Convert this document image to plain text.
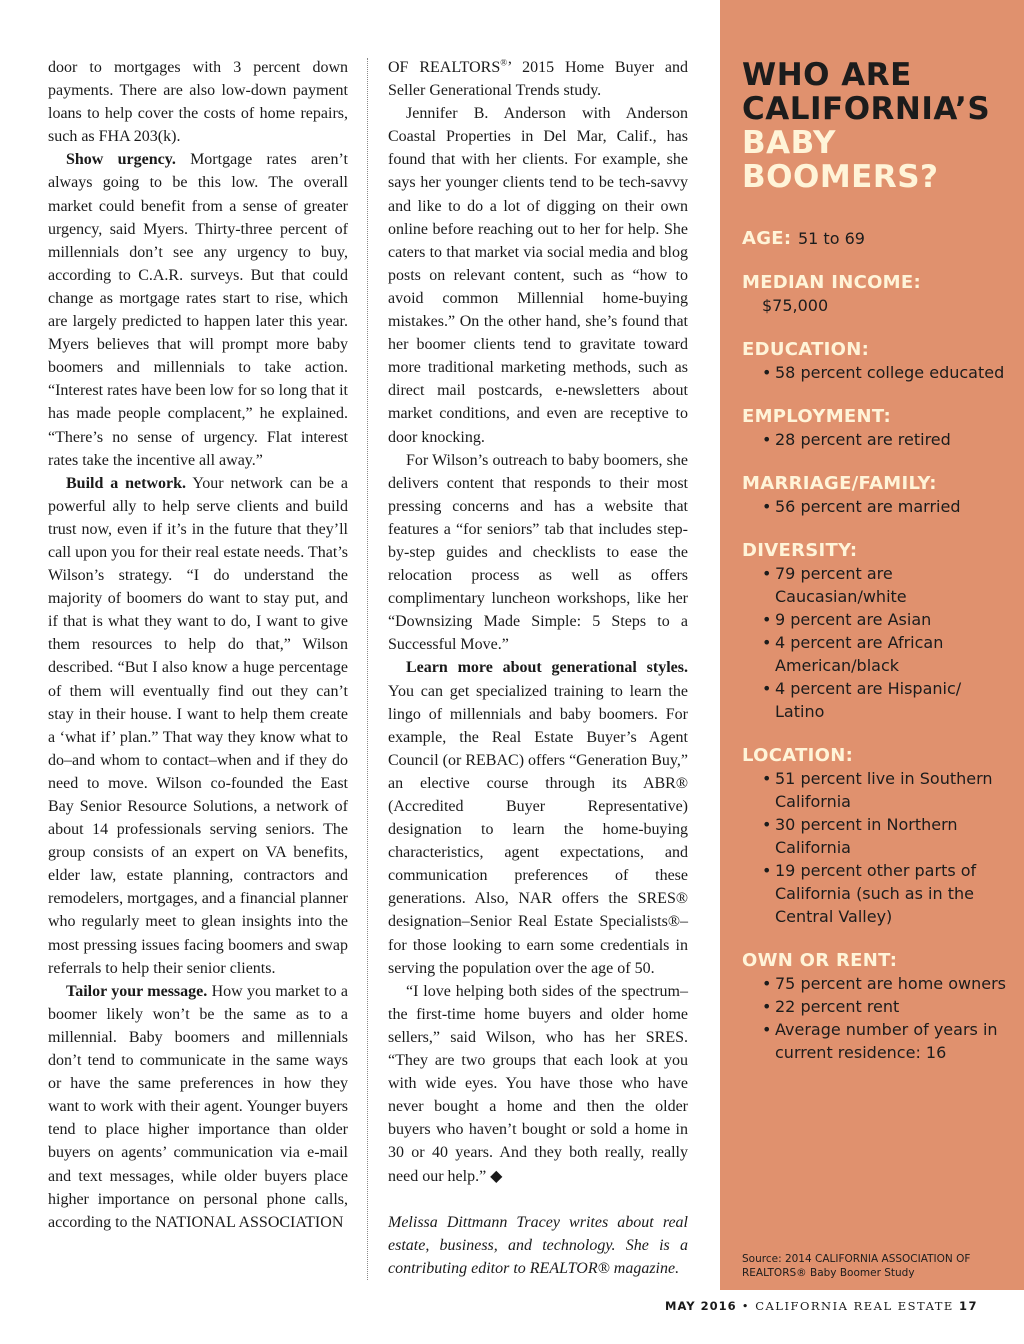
door to mortgages with 3 percent down payments. There are also low-down payment loans to help cover the costs of home repairs, such as FHA 203(k).

Show urgency. Mortgage rates aren’t always going to be this low. The overall market could benefit from a sense of greater urgency, said Myers. Thirty-three percent of millennials don’t see any urgency to buy, according to C.A.R. surveys. But that could change as mortgage rates start to rise, which are largely predicted to happen later this year. Myers believes that will prompt more baby boomers and millennials to take action. “Interest rates have been low for so long that it has made people complacent,” he explained. “There’s no sense of urgency. Flat interest rates take the incentive all away.”

Build a network. Your network can be a powerful ally to help serve clients and build trust now, even if it’s in the future that they’ll call upon you for their real estate needs. That’s Wilson’s strategy. “I do understand the majority of boomers do want to stay put, and if that is what they want to do, I want to give them resources to help do that,” Wilson described. “But I also know a huge percentage of them will eventually find out they can’t stay in their house. I want to help them create a ‘what if’ plan.” That way they know what to do–and whom to contact–when and if they do need to move. Wilson co-founded the East Bay Senior Resource Solutions, a network of about 14 professionals serving seniors. The group consists of an expert on VA benefits, elder law, estate planning, contractors and remodelers, mortgages, and a financial planner who regularly meet to glean insights into the most pressing issues facing boomers and swap referrals to help their senior clients.

Tailor your message. How you market to a boomer likely won’t be the same as to a millennial. Baby boomers and millennials don’t tend to communicate in the same ways or have the same preferences in how they want to work with their agent. Younger buyers tend to place higher importance than older buyers on agents’ communication via e-mail and text messages, while older buyers place higher importance on personal phone calls, according to the NATIONAL ASSOCIATION

OF REALTORS®’ 2015 Home Buyer and Seller Generational Trends study.

Jennifer B. Anderson with Anderson Coastal Properties in Del Mar, Calif., has found that with her clients. For example, she says her younger clients tend to be tech-savvy and like to do a lot of digging on their own online before reaching out to her for help. She caters to that market via social media and blog posts on relevant content, such as “how to avoid common Millennial home-buying mistakes.” On the other hand, she’s found that her boomer clients tend to gravitate toward more traditional marketing methods, such as direct mail postcards, e-newsletters about market conditions, and even are receptive to door knocking.

For Wilson’s outreach to baby boomers, she delivers content that responds to their most pressing concerns and has a website that features a “for seniors” tab that includes step-by-step guides and checklists to ease the relocation process as well as offers complimentary luncheon workshops, like her “Downsizing Made Simple: 5 Steps to a Successful Move.”

Learn more about generational styles. You can get specialized training to learn the lingo of millennials and baby boomers. For example, the Real Estate Buyer’s Agent Council (or REBAC) offers “Generation Buy,” an elective course through its ABR® (Accredited Buyer Representative) designation to learn the home-buying characteristics, agent expectations, and communication preferences of these generations. Also, NAR offers the SRES® designation–Senior Real Estate Specialists®–for those looking to earn some credentials in serving the population over the age of 50.

“I love helping both sides of the spectrum–the first-time home buyers and older home sellers,” said Wilson, who has her SRES. “They are two groups that each look at you with wide eyes. You have those who have never bought a home and then the older buyers who haven’t bought or sold a home in 30 or 40 years. And they both really, really need our help.” ◆

Melissa Dittmann Tracey writes about real estate, business, and technology. She is a contributing editor to REALTOR® magazine.

WHO ARE
CALIFORNIA’S
BABY
BOOMERS?
AGE: 51 to 69
MEDIAN INCOME:
$75,000
EDUCATION:
• 58 percent college educated
EMPLOYMENT:
• 28 percent are retired
MARRIAGE/FAMILY:
• 56 percent are married
DIVERSITY:
• 79 percent are Caucasian/white
• 9 percent are Asian
• 4 percent are African American/black
• 4 percent are Hispanic/ Latino
LOCATION:
• 51 percent live in Southern California
• 30 percent in Northern California
• 19 percent other parts of California (such as in the Central Valley)
OWN OR RENT:
• 75 percent are home owners
• 22 percent rent
• Average number of years in current residence: 16
Source: 2014 CALIFORNIA ASSOCIATION OF REALTORS® Baby Boomer Study
MAY 2016 • CALIFORNIA REAL ESTATE 17
